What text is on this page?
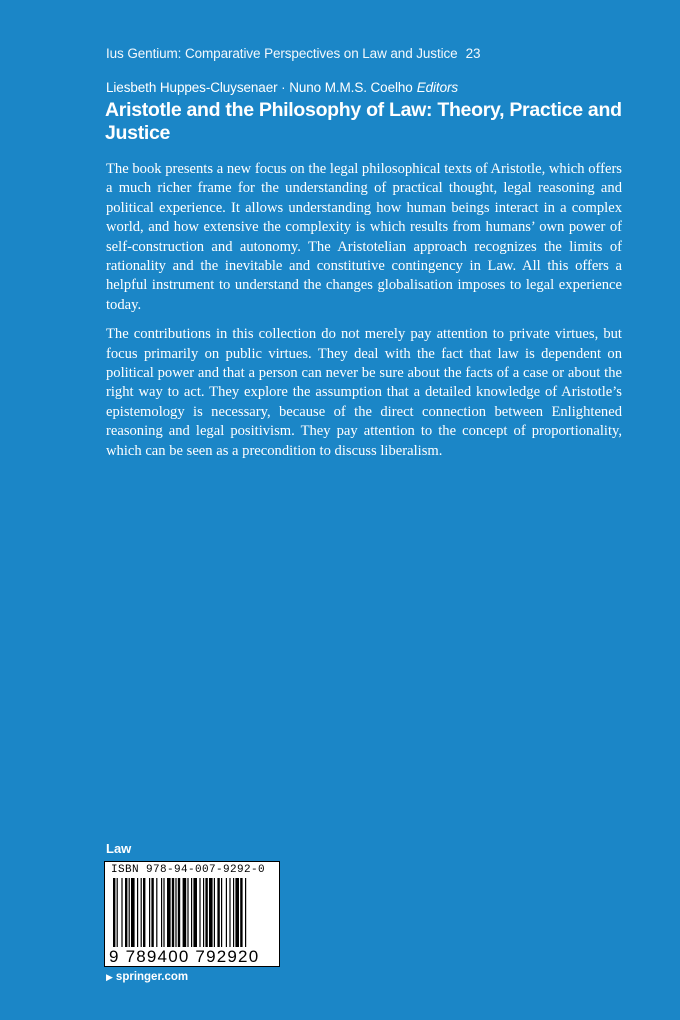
Ius Gentium: Comparative Perspectives on Law and Justice 23
Liesbeth Huppes-Cluysenaer · Nuno M.M.S. Coelho Editors
Aristotle and the Philosophy of Law: Theory, Practice and Justice

The book presents a new focus on the legal philosophical texts of Aristotle, which offers a much richer frame for the understanding of practical thought, legal reasoning and political experience. It allows understanding how human beings interact in a complex world, and how extensive the complexity is which results from humans’ own power of self-construction and autonomy. The Aristotelian approach recognizes the limits of rationality and the inevitable and constitutive contingency in Law. All this offers a helpful instrument to understand the changes globalisation imposes to legal experience today.

The contributions in this collection do not merely pay attention to private virtues, but focus primarily on public virtues. They deal with the fact that law is dependent on political power and that a person can never be sure about the facts of a case or about the right way to act. They explore the assumption that a detailed knowledge of Aristotle’s epistemology is necessary, because of the direct connection between Enlightened reasoning and legal positivism. They pay attention to the concept of proportionality, which can be seen as a precondition to discuss liberalism.

Law
ISBN 978-94-007-9292-0
9 789400 792920
▶ springer.com
